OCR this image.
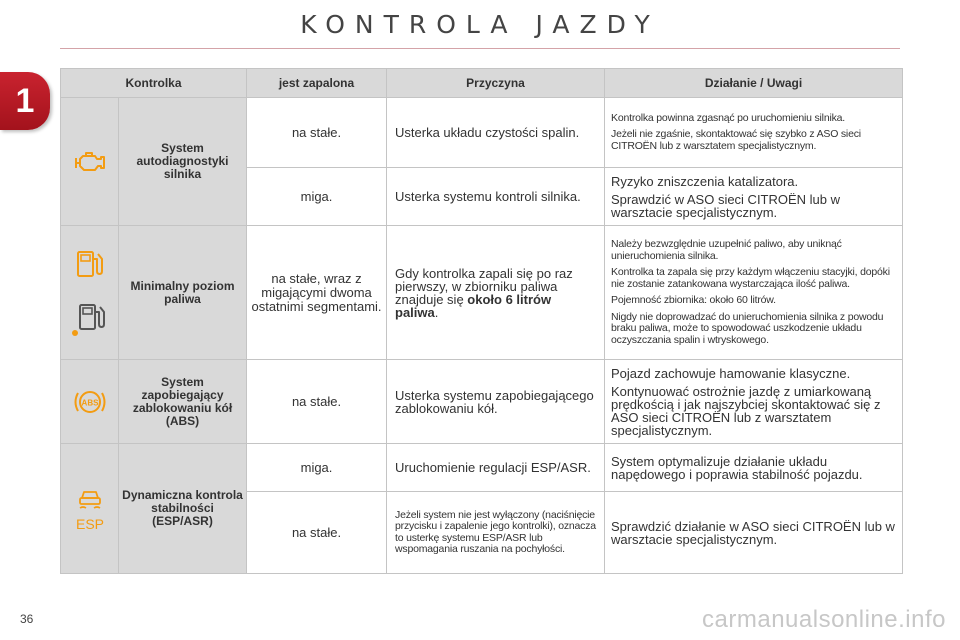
KONTROLA JAZDY
1	Kontrolka		jest zapalona	Przyczyna	Działanie / Uwagi

	System autodiagnostyki silnika	na stałe.	Usterka układu czystości spalin.	Kontrolka powinna zgasnąć po uruchomieniu silnika.
Jeżeli nie zgaśnie, skontaktować się szybko z ASO sieci CITROËN lub z warsztatem specjalistycznym.

		miga.	Usterka systemu kontroli silnika.	Ryzyko zniszczenia katalizatora.
Sprawdzić w ASO sieci CITROËN lub w warsztacie specjalistycznym.

	Minimalny poziom paliwa	na stałe, wraz z migającymi dwoma ostatnimi segmentami.	Gdy kontrolka zapali się po raz pierwszy, w zbiorniku paliwa znajduje się około 6 litrów paliwa.	Należy bezwzględnie uzupełnić paliwo, aby uniknąć unieruchomienia silnika.
Kontrolka ta zapala się przy każdym włączeniu stacyjki, dopóki nie zostanie zatankowana wystarczająca ilość paliwa.
Pojemność zbiornika: około 60 litrów.
Nigdy nie doprowadzać do unieruchomienia silnika z powodu braku paliwa, może to spowodować uszkodzenie układu oczyszczania spalin i wtryskowego.

ABS	System zapobiegający zablokowaniu kół (ABS)	na stałe.	Usterka systemu zapobiegającego zablokowaniu kół.	Pojazd zachowuje hamowanie klasyczne.
Kontynuować ostrożnie jazdę z umiarkowaną prędkością i jak najszybciej skontaktować się z ASO sieci CITROËN lub z warsztatem specjalistycznym.

ESP	Dynamiczna kontrola stabilności (ESP/ASR)	miga.	Uruchomienie regulacji ESP/ASR.	System optymalizuje działanie układu napędowego i poprawia stabilność pojazdu.
		na stałe.	Jeżeli system nie jest wyłączony (naciśnięcie przycisku i zapalenie jego kontrolki), oznacza to usterkę systemu ESP/ASR lub wspomagania ruszania na pochyłości.	Sprawdzić działanie w ASO sieci CITROËN lub w warsztacie specjalistycznym.
36	carmanualsonline.info
